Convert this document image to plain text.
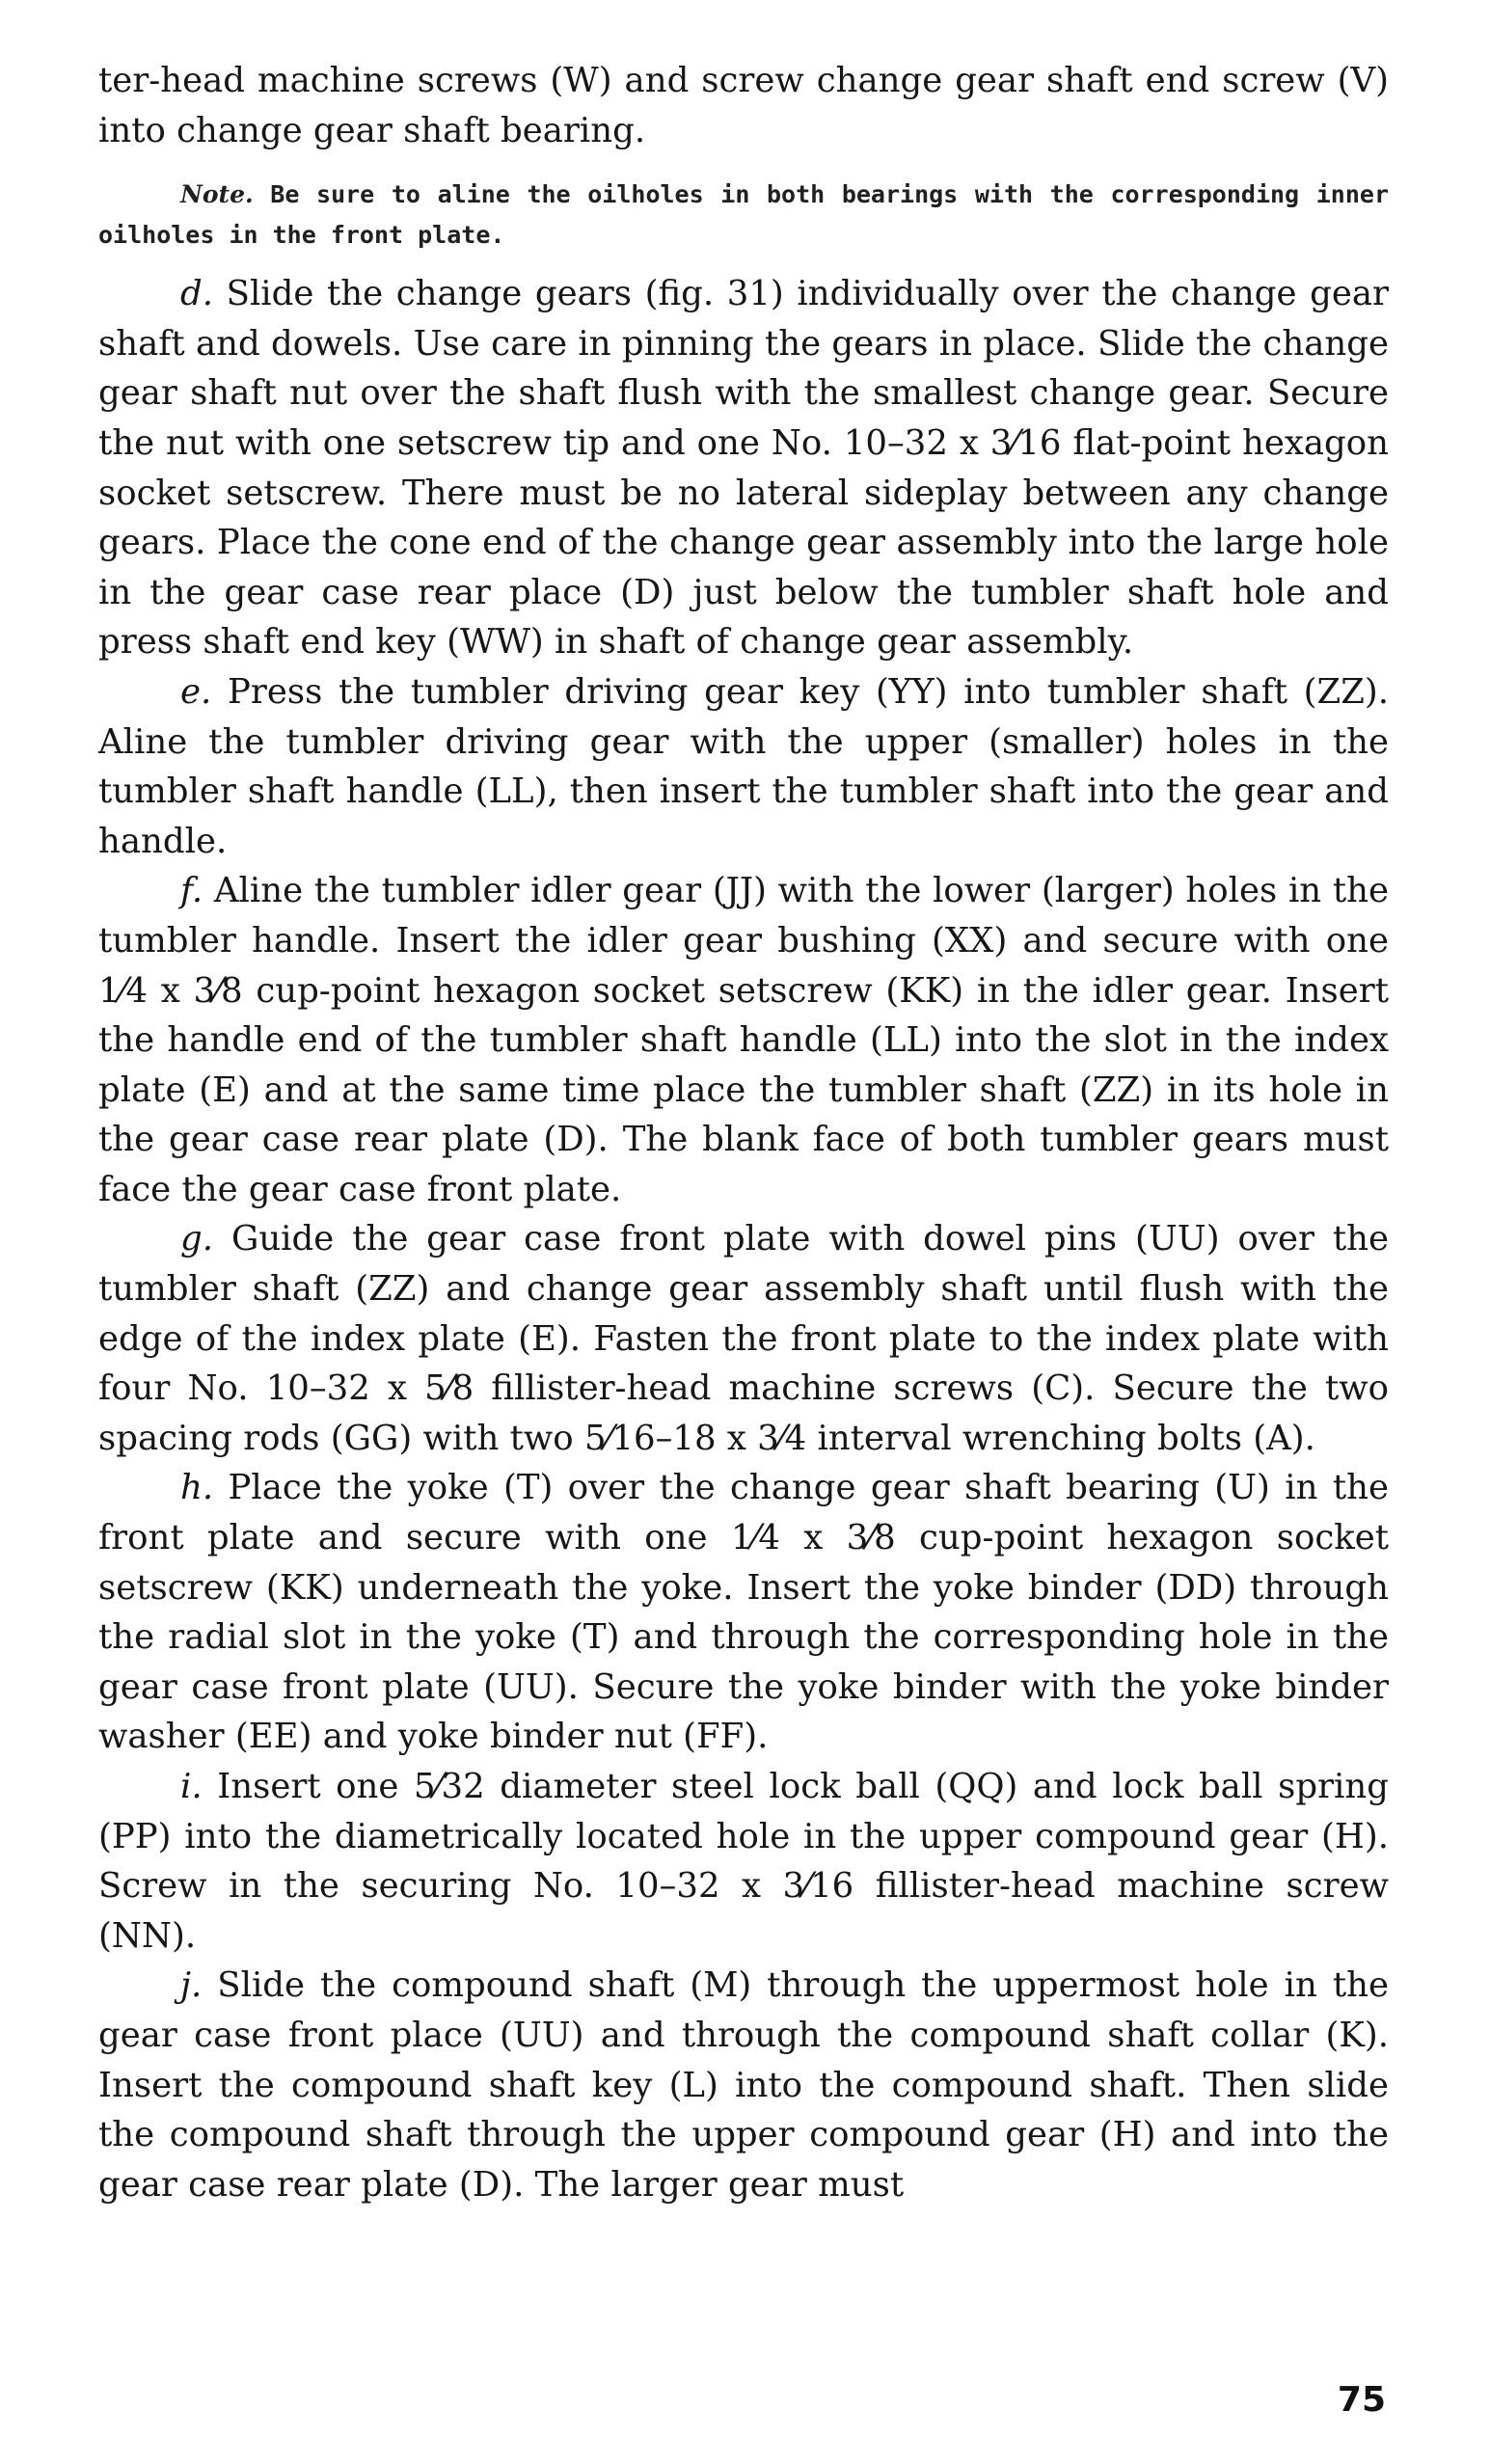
ter-head machine screws (W) and screw change gear shaft end screw (V) into change gear shaft bearing.

Note. Be sure to aline the oilholes in both bearings with the corresponding inner oilholes in the front plate.

d. Slide the change gears (fig. 31) individually over the change gear shaft and dowels. Use care in pinning the gears in place. Slide the change gear shaft nut over the shaft flush with the smallest change gear. Secure the nut with one setscrew tip and one No. 10–32 x 3⁄16 flat-point hexagon socket setscrew. There must be no lateral sideplay between any change gears. Place the cone end of the change gear assembly into the large hole in the gear case rear place (D) just below the tumbler shaft hole and press shaft end key (WW) in shaft of change gear assembly.

e. Press the tumbler driving gear key (YY) into tumbler shaft (ZZ). Aline the tumbler driving gear with the upper (smaller) holes in the tumbler shaft handle (LL), then insert the tumbler shaft into the gear and handle.

f. Aline the tumbler idler gear (JJ) with the lower (larger) holes in the tumbler handle. Insert the idler gear bushing (XX) and secure with one 1⁄4 x 3⁄8 cup-point hexagon socket setscrew (KK) in the idler gear. Insert the handle end of the tumbler shaft handle (LL) into the slot in the index plate (E) and at the same time place the tumbler shaft (ZZ) in its hole in the gear case rear plate (D). The blank face of both tumbler gears must face the gear case front plate.

g. Guide the gear case front plate with dowel pins (UU) over the tumbler shaft (ZZ) and change gear assembly shaft until flush with the edge of the index plate (E). Fasten the front plate to the index plate with four No. 10–32 x 5⁄8 fillister-head machine screws (C). Secure the two spacing rods (GG) with two 5⁄16–18 x 3⁄4 interval wrenching bolts (A).

h. Place the yoke (T) over the change gear shaft bearing (U) in the front plate and secure with one 1⁄4 x 3⁄8 cup-point hexagon socket setscrew (KK) underneath the yoke. Insert the yoke binder (DD) through the radial slot in the yoke (T) and through the corresponding hole in the gear case front plate (UU). Secure the yoke binder with the yoke binder washer (EE) and yoke binder nut (FF).

i. Insert one 5⁄32 diameter steel lock ball (QQ) and lock ball spring (PP) into the diametrically located hole in the upper compound gear (H). Screw in the securing No. 10–32 x 3⁄16 fillister-head machine screw (NN).

j. Slide the compound shaft (M) through the uppermost hole in the gear case front place (UU) and through the compound shaft collar (K). Insert the compound shaft key (L) into the compound shaft. Then slide the compound shaft through the upper compound gear (H) and into the gear case rear plate (D). The larger gear must

75
